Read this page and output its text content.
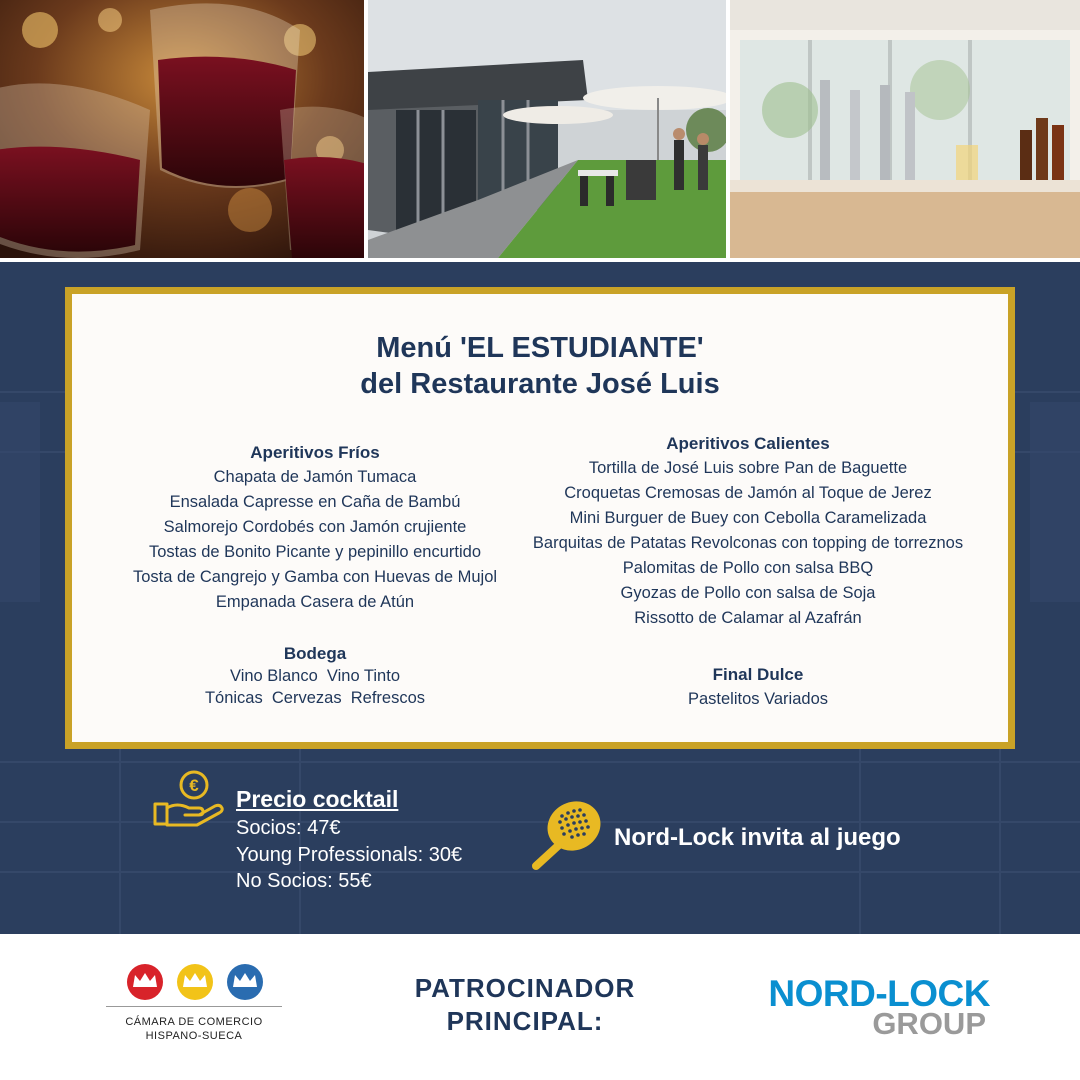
Menú 'EL ESTUDIANTE'
del Restaurante José Luis
Aperitivos Fríos
Chapata de Jamón Tumaca
Ensalada Capresse en Caña de Bambú
Salmorejo Cordobés con Jamón crujiente
Tostas de Bonito Picante y pepinillo encurtido
Tosta de Cangrejo y Gamba con Huevas de Mujol
Empanada Casera de Atún
Aperitivos Calientes
Tortilla de José Luis sobre Pan de Baguette
Croquetas Cremosas de Jamón al Toque de Jerez
Mini Burguer de Buey con Cebolla Caramelizada
Barquitas de Patatas Revolconas con topping de torreznos
Palomitas de Pollo con salsa BBQ
Gyozas de Pollo con salsa de Soja
Rissotto de Calamar al Azafrán
Bodega
Vino Blanco  Vino Tinto
Tónicas  Cervezas  Refrescos
Final Dulce
Pastelitos Variados
€
Precio cocktail
Socios: 47€
Young Professionals: 30€
No Socios: 55€
Nord-Lock invita al juego
CÁMARA DE COMERCIO
HISPANO-SUECA
PATROCINADOR
PRINCIPAL:
NORD-LOCK
GROUP
